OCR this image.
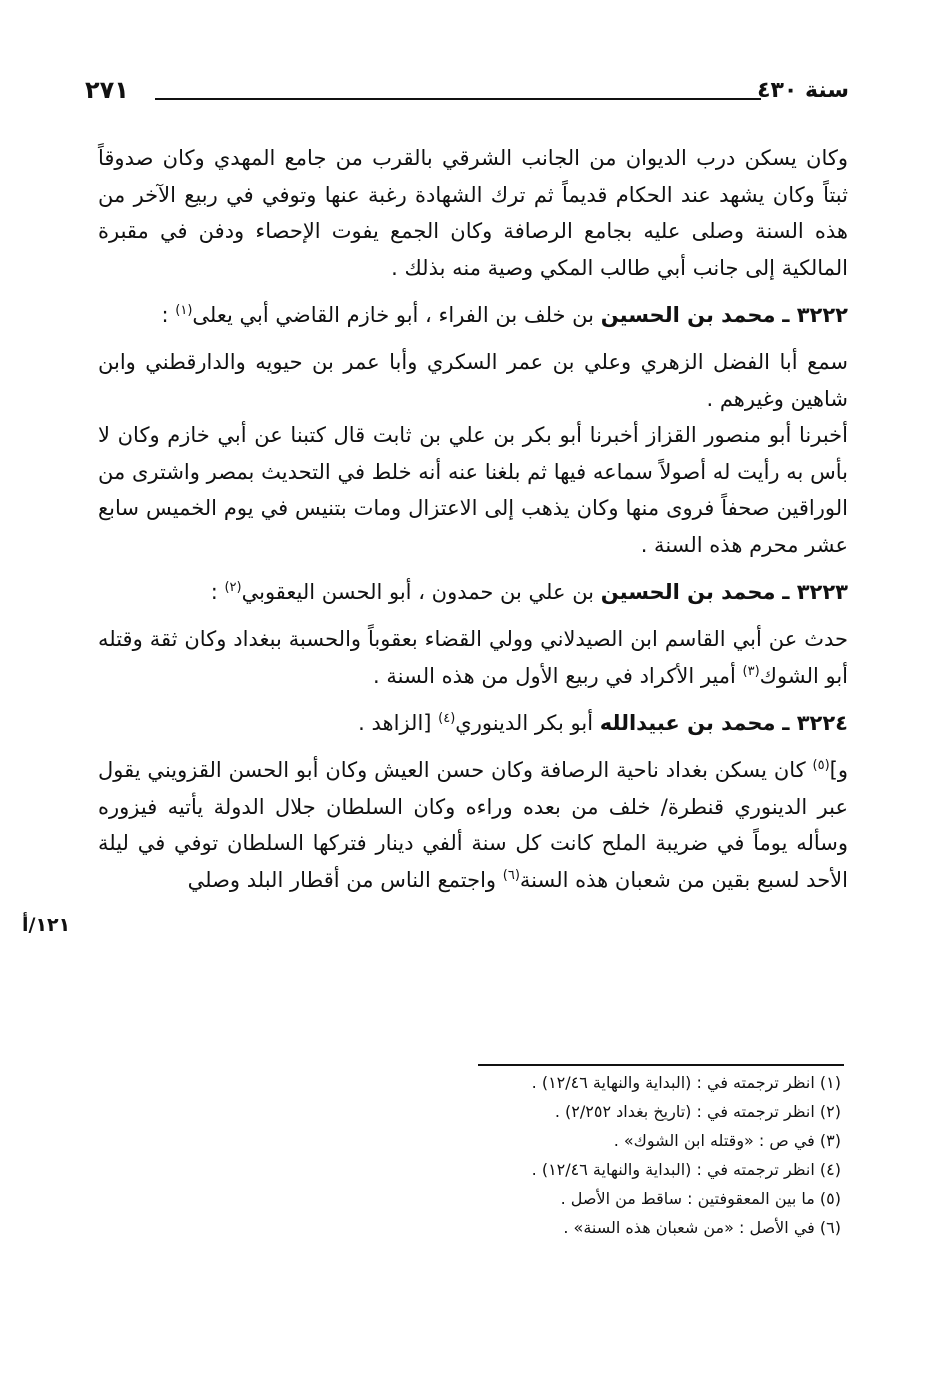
سنة ٤٣٠
٢٧١

وكان يسكن درب الديوان من الجانب الشرقي بالقرب من جامع المهدي وكان صدوقاً ثبتاً وكان يشهد عند الحكام قديماً ثم ترك الشهادة رغبة عنها وتوفي في ربيع الآخر من هذه السنة وصلى عليه بجامع الرصافة وكان الجمع يفوت الإحصاء ودفن في مقبرة المالكية إلى جانب أبي طالب المكي وصية منه بذلك .

٣٢٢٢ ـ محمد بن الحسين بن خلف بن الفراء ، أبو خازم القاضي أبي يعلى$^{(١)}$ :

سمع أبا الفضل الزهري وعلي بن عمر السكري وأبا عمر بن حيويه والدارقطني وابن شاهين وغيرهم .

أخبرنا أبو منصور القزاز أخبرنا أبو بكر بن علي بن ثابت قال كتبنا عن أبي خازم وكان لا بأس به رأيت له أصولاً سماعه فيها ثم بلغنا عنه أنه خلط في التحديث بمصر واشترى من الوراقين صحفاً فروى منها وكان يذهب إلى الاعتزال ومات بتنيس في يوم الخميس سابع عشر محرم هذه السنة .

٣٢٢٣ ـ محمد بن الحسين بن علي بن حمدون ، أبو الحسن اليعقوبي$^{(٢)}$ :

حدث عن أبي القاسم ابن الصيدلاني وولي القضاء بعقوباً والحسبة ببغداد وكان ثقة وقتله أبو الشوك$^{(٣)}$ أمير الأكراد في ربيع الأول من هذه السنة .

٣٢٢٤ ـ محمد بن عبيدالله أبو بكر الدينوري$^{(٤)}$ [الزاهد .

و]$^{(٥)}$ كان يسكن بغداد ناحية الرصافة وكان حسن العيش وكان أبو الحسن القزويني يقول عبر الدينوري قنطرة/ خلف من بعده وراءه وكان السلطان جلال الدولة يأتيه فيزوره وسأله يوماً في ضريبة الملح كانت كل سنة ألفي دينار فتركها السلطان توفي في ليلة الأحد لسبع بقين من شعبان هذه السنة$^{(٦)}$ واجتمع الناس من أقطار البلد وصلي

١٢١/أ

(١) انظر ترجمته في : (البداية والنهاية ١٢/٤٦) .

(٢) انظر ترجمته في : (تاريخ بغداد ٢/٢٥٢) .

(٣) في ص : «وقتله ابن الشوك» .

(٤) انظر ترجمته في : (البداية والنهاية ١٢/٤٦) .

(٥) ما بين المعقوفتين : ساقط من الأصل .

(٦) في الأصل : «من شعبان هذه السنة» .
